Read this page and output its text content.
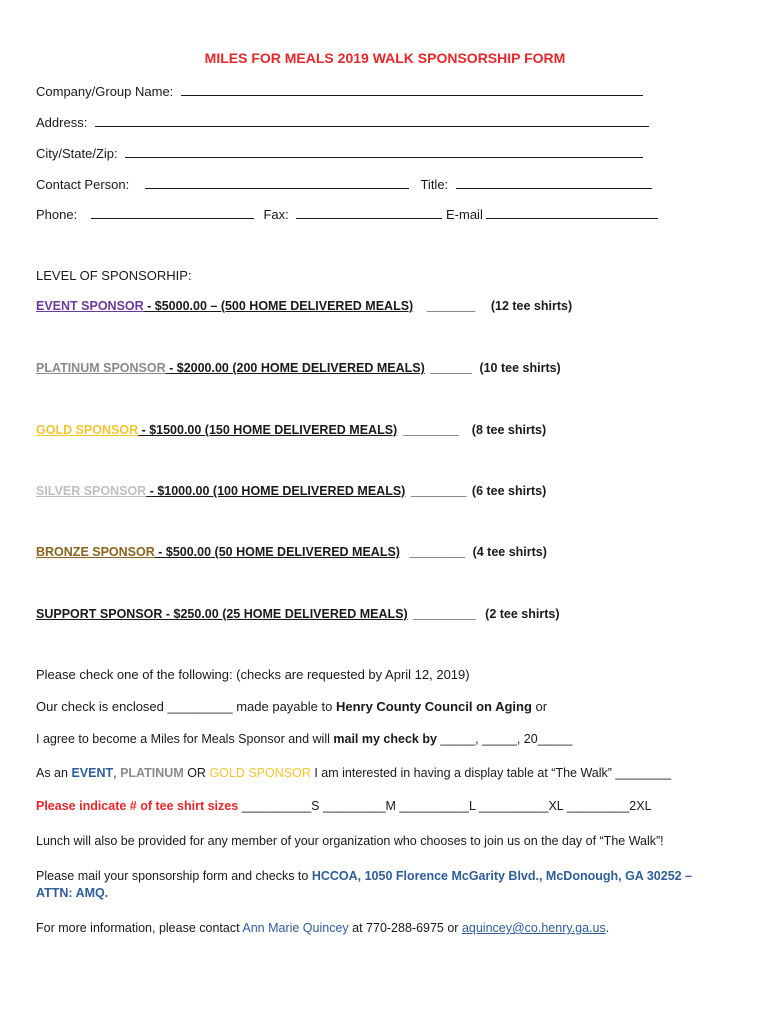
MILES FOR MEALS 2019 WALK SPONSORSHIP FORM
Company/Group Name:
Address:
City/State/Zip:
Contact Person:	Title:
Phone:	Fax:	E-mail
LEVEL OF SPONSORHIP:
EVENT SPONSOR - $5000.00 – (500 HOME DELIVERED MEALS) _______ (12 tee shirts)
PLATINUM SPONSOR - $2000.00 (200 HOME DELIVERED MEALS) ______ (10 tee shirts)
GOLD SPONSOR - $1500.00 (150 HOME DELIVERED MEALS) ________ (8 tee shirts)
SILVER SPONSOR - $1000.00 (100 HOME DELIVERED MEALS) ________ (6 tee shirts)
BRONZE SPONSOR - $500.00 (50 HOME DELIVERED MEALS) ________ (4 tee shirts)
SUPPORT SPONSOR - $250.00 (25 HOME DELIVERED MEALS) _________ (2 tee shirts)
Please check one of the following: (checks are requested by April 12, 2019)
Our check is enclosed _________ made payable to Henry County Council on Aging or
I agree to become a Miles for Meals Sponsor and will mail my check by _____, _____, 20_____
As an EVENT, PLATINUM OR GOLD SPONSOR I am interested in having a display table at “The Walk” ________
Please indicate # of tee shirt sizes __________S _________M __________L __________XL _________2XL
Lunch will also be provided for any member of your organization who chooses to join us on the day of “The Walk”!
Please mail your sponsorship form and checks to HCCOA, 1050 Florence McGarity Blvd., McDonough, GA 30252 –
ATTN: AMQ.
For more information, please contact Ann Marie Quincey at 770-288-6975 or aquincey@co.henry.ga.us.
